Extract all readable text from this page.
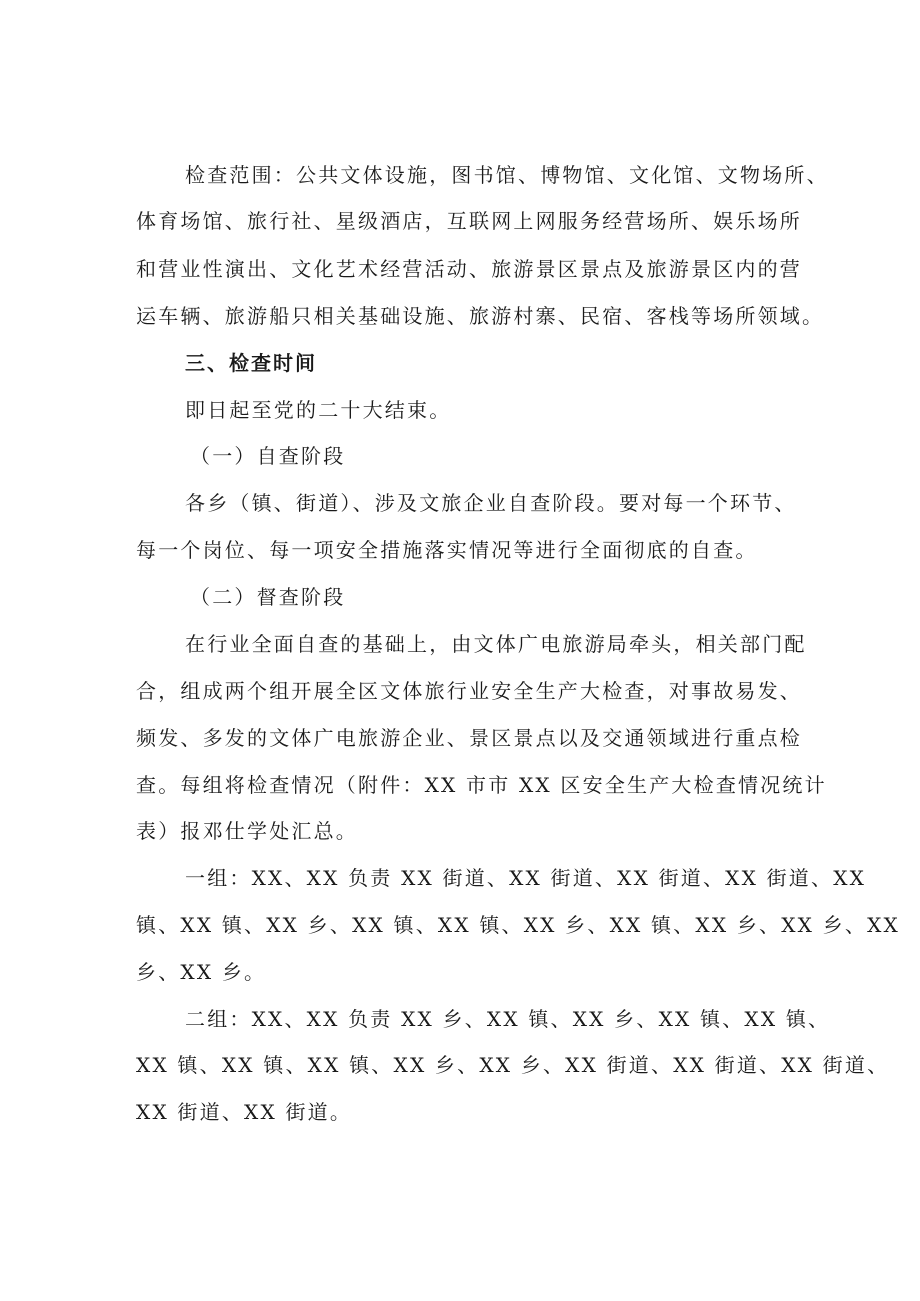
检查范围：公共文体设施，图书馆、博物馆、文化馆、文物场所、
体育场馆、旅行社、星级酒店，互联网上网服务经营场所、娱乐场所
和营业性演出、文化艺术经营活动、旅游景区景点及旅游景区内的营
运车辆、旅游船只相关基础设施、旅游村寨、民宿、客栈等场所领域。
三、检查时间
即日起至党的二十大结束。
（一）自查阶段
各乡（镇、街道）、涉及文旅企业自查阶段。要对每一个环节、
每一个岗位、每一项安全措施落实情况等进行全面彻底的自查。
（二）督查阶段
在行业全面自查的基础上，由文体广电旅游局牵头，相关部门配
合，组成两个组开展全区文体旅行业安全生产大检查，对事故易发、
频发、多发的文体广电旅游企业、景区景点以及交通领域进行重点检
查。每组将检查情况（附件：XX 市市 XX 区安全生产大检查情况统计
表）报邓仕学处汇总。
一组：XX、XX 负责 XX 街道、XX 街道、XX 街道、XX 街道、XX
镇、XX 镇、XX 乡、XX 镇、XX 镇、XX 乡、XX 镇、XX 乡、XX 乡、XX
乡、XX 乡。
二组：XX、XX 负责 XX 乡、XX 镇、XX 乡、XX 镇、XX 镇、
XX 镇、XX 镇、XX 镇、XX 乡、XX 乡、XX 街道、XX 街道、XX 街道、
XX 街道、XX 街道。
